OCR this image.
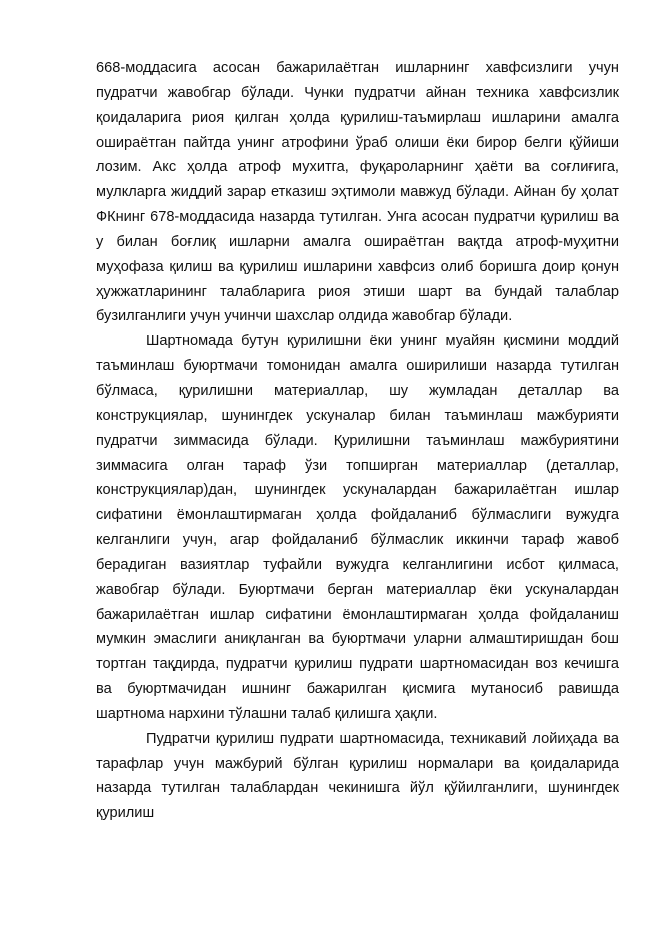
668-моддасига асосан бажарилаётган ишларнинг хавфсизлиги учун пудратчи жавобгар бўлади. Чунки пудратчи айнан техника хавфсизлик қоидаларига риоя қилган ҳолда қурилиш-таъмирлаш ишларини амалга ошираётган пайтда унинг атрофини ўраб олиши ёки бирор белги қўйиши лозим. Акс ҳолда атроф мухитга, фуқароларнинг ҳаёти ва соғлиғига, мулкларга жиддий зарар етказиш эҳтимоли мавжуд бўлади. Айнан бу ҳолат ФКнинг 678-моддасида назарда тутилган. Унга асосан пудратчи қурилиш ва у билан боғлиқ ишларни амалга ошираётган вақтда атроф-муҳитни муҳофаза қилиш ва қурилиш ишларини хавфсиз олиб боришга доир қонун ҳужжатларининг талабларига риоя этиши шарт ва бундай талаблар бузилганлиги учун учинчи шахслар олдида жавобгар бўлади.

Шартномада бутун қурилишни ёки унинг муайян қисмини моддий таъминлаш буюртмачи томонидан амалга оширилиши назарда тутилган бўлмаса, қурилишни материаллар, шу жумладан деталлар ва конструкциялар, шунингдек ускуналар билан таъминлаш мажбурияти пудратчи зиммасида бўлади. Қурилишни таъминлаш мажбуриятини зиммасига олган тараф ўзи топширган материаллар (деталлар, конструкциялар)дан, шунингдек ускуналардан бажарилаётган ишлар сифатини ёмонлаштирмаган ҳолда фойдаланиб бўлмаслиги вужудга келганлиги учун, агар фойдаланиб бўлмаслик иккинчи тараф жавоб берадиган вазиятлар туфайли вужудга келганлигини исбот қилмаса, жавобгар бўлади. Буюртмачи берган материаллар ёки ускуналардан бажарилаётган ишлар сифатини ёмонлаштирмаган ҳолда фойдаланиш мумкин эмаслиги аниқланган ва буюртмачи уларни алмаштиришдан бош тортган тақдирда, пудратчи қурилиш пудрати шартномасидан воз кечишга ва буюртмачидан ишнинг бажарилган қисмига мутаносиб равишда шартнома нархини тўлашни талаб қилишга ҳақли.

Пудратчи қурилиш пудрати шартномасида, техникавий лойиҳада ва тарафлар учун мажбурий бўлган қурилиш нормалари ва қоидаларида назарда тутилган талаблардан чекинишга йўл қўйилганлиги, шунингдек қурилиш
